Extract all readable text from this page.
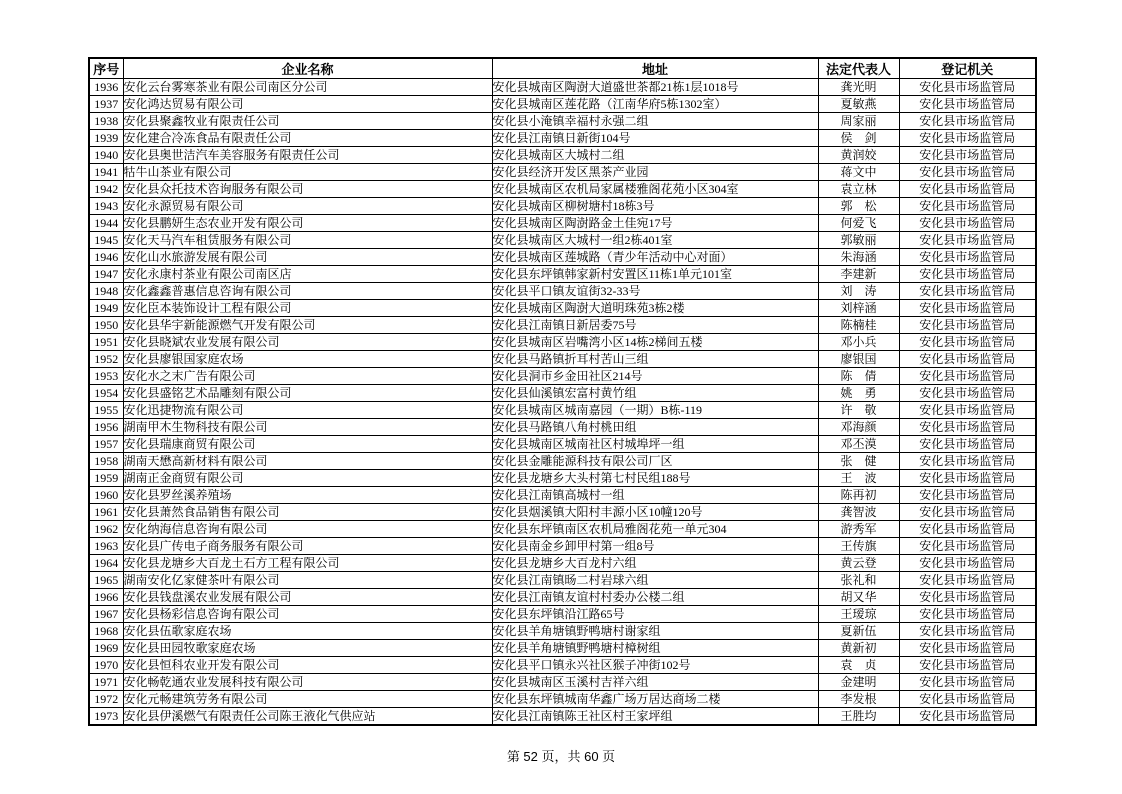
序号	企业名称	地址	法定代表人	登记机关
1936	安化云台雾寒茶业有限公司南区分公司	安化县城南区陶澍大道盛世茶都21栋1层1018号	龚光明	安化县市场监管局
1937	安化鸿达贸易有限公司	安化县城南区莲花路（江南华府5栋1302室）	夏敏燕	安化县市场监管局
1938	安化县聚鑫牧业有限责任公司	安化县小淹镇幸福村永强二组	周家丽	安化县市场监管局
1939	安化建合冷冻食品有限责任公司	安化县江南镇日新街104号	侯　剑	安化县市场监管局
1940	安化县奥世洁汽车美容服务有限责任公司	安化县城南区大城村二组	黄润姣	安化县市场监管局
1941	牯牛山茶业有限公司	安化县经济开发区黑茶产业园	蒋文中	安化县市场监管局
1942	安化县众托技术咨询服务有限公司	安化县城南区农机局家属楼雅阁花苑小区304室	袁立林	安化县市场监管局
1943	安化永源贸易有限公司	安化县城南区柳树塘村18栋3号	郭　松	安化县市场监管局
1944	安化县鹏妍生态农业开发有限公司	安化县城南区陶澍路金土佳宛17号	何爱飞	安化县市场监管局
1945	安化天马汽车租赁服务有限公司	安化县城南区大城村一组2栋401室	郭敏丽	安化县市场监管局
1946	安化山水旅游发展有限公司	安化县城南区莲城路（青少年活动中心对面）	朱海涵	安化县市场监管局
1947	安化永康村茶业有限公司南区店	安化县东坪镇韩家新村安置区11栋1单元101室	李建新	安化县市场监管局
1948	安化鑫鑫普惠信息咨询有限公司	安化县平口镇友谊街32-33号	刘　涛	安化县市场监管局
1949	安化臣本装饰设计工程有限公司	安化县城南区陶澍大道明珠苑3栋2楼	刘梓涵	安化县市场监管局
1950	安化县华宇新能源燃气开发有限公司	安化县江南镇日新居委75号	陈楠桂	安化县市场监管局
1951	安化县晓斌农业发展有限公司	安化县城南区岩嘴湾小区14栋2梯间五楼	邓小兵	安化县市场监管局
1952	安化县廖银国家庭农场	安化县马路镇折耳村苦山三组	廖银国	安化县市场监管局
1953	安化水之末广告有限公司	安化县洞市乡金田社区214号	陈　倩	安化县市场监管局
1954	安化县盛铭艺术品雕刻有限公司	安化县仙溪镇宏富村黄竹组	姚　勇	安化县市场监管局
1955	安化迅捷物流有限公司	安化县城南区城南嘉园（一期）B栋-119	许　敬	安化县市场监管局
1956	湖南甲木生物科技有限公司	安化县马路镇八角村桃田组	邓海颜	安化县市场监管局
1957	安化县瑞康商贸有限公司	安化县城南区城南社区村城埠坪一组	邓丕漠	安化县市场监管局
1958	湖南天懋高新材料有限公司	安化县金雕能源科技有限公司厂区	张　健	安化县市场监管局
1959	湖南正金商贸有限公司	安化县龙塘乡大头村第七村民组188号	王　波	安化县市场监管局
1960	安化县罗丝溪养殖场	安化县江南镇高城村一组	陈再初	安化县市场监管局
1961	安化县萧然食品销售有限公司	安化县烟溪镇大阳村丰源小区10幢120号	龚智波	安化县市场监管局
1962	安化纳海信息咨询有限公司	安化县东坪镇南区农机局雅阁花苑一单元304	游秀军	安化县市场监管局
1963	安化县广传电子商务服务有限公司	安化县南金乡卸甲村第一组8号	王传旗	安化县市场监管局
1964	安化县龙塘乡大百龙土石方工程有限公司	安化县龙塘乡大百龙村六组	黄云登	安化县市场监管局
1965	湖南安化亿家健茶叶有限公司	安化县江南镇旸二村岩球六组	张礼和	安化县市场监管局
1966	安化县钱盘溪农业发展有限公司	安化县江南镇友谊村村委办公楼二组	胡又华	安化县市场监管局
1967	安化县杨彩信息咨询有限公司	安化县东坪镇沿江路65号	王瑷琼	安化县市场监管局
1968	安化县伍歌家庭农场	安化县羊角塘镇野鸭塘村谢家组	夏新伍	安化县市场监管局
1969	安化县田园牧歌家庭农场	安化县羊角塘镇野鸭塘村樟树组	黄新初	安化县市场监管局
1970	安化县恒科农业开发有限公司	安化县平口镇永兴社区猴子冲街102号	袁　贞	安化县市场监管局
1971	安化畅乾通农业发展科技有限公司	安化县城南区玉溪村吉祥六组	金建明	安化县市场监管局
1972	安化元畅建筑劳务有限公司	安化县东坪镇城南华鑫广场万居达商场二楼	李发根	安化县市场监管局
1973	安化县伊溪燃气有限责任公司陈王液化气供应站	安化县江南镇陈王社区村王家坪组	王胜均	安化县市场监管局
第 52 页，共 60 页
